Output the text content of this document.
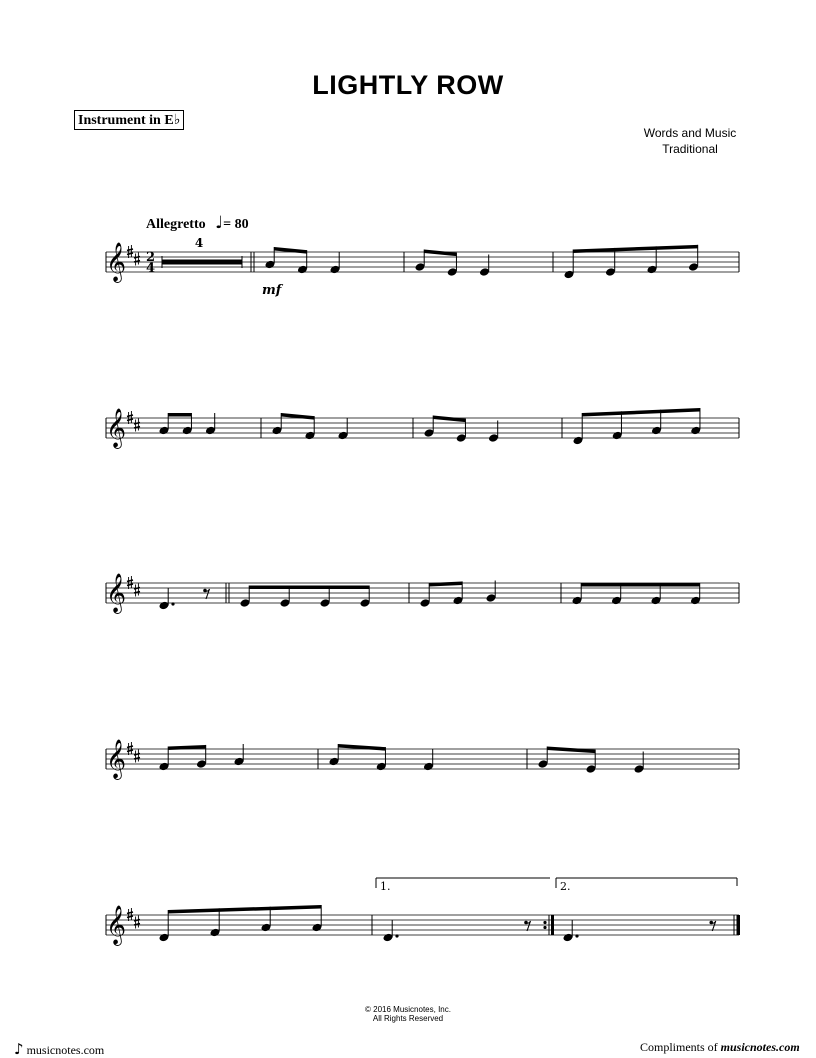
LIGHTLY ROW
Instrument in E♭
Words and Music
Traditional
Allegretto ♩= 80
𝄞 2
4
4
mf
𝄞
𝄞
𝄞
𝄞
1.	2.
© 2016 Musicnotes, Inc.
All Rights Reserved
♪ musicnotes.com	Compliments of musicnotes.com
